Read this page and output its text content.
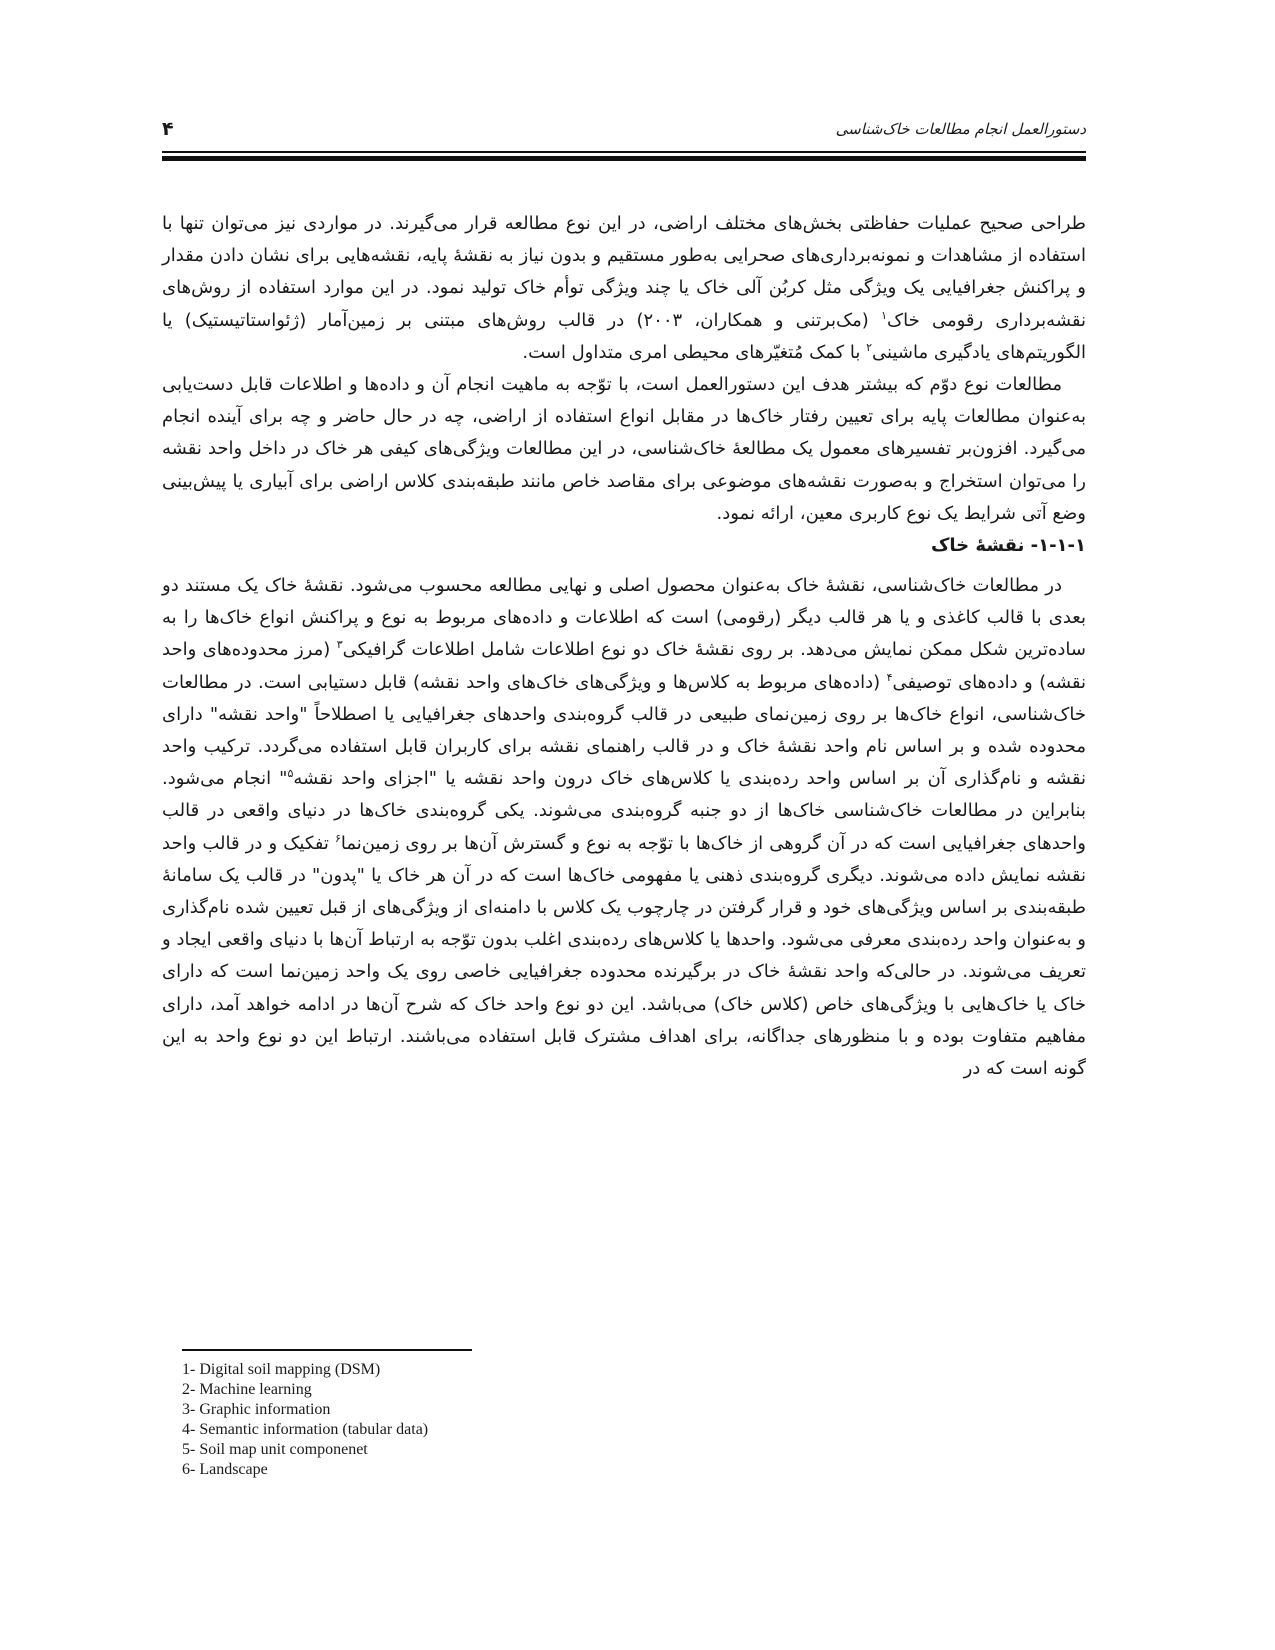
۴	دستورالعمل انجام مطالعات خاک‌شناسی

طراحی صحیح عملیات حفاظتی بخش‌های مختلف اراضی، در این نوع مطالعه قرار می‌گیرند. در مواردی نیز می‌توان تنها با استفاده از مشاهدات و نمونه‌برداری‌های صحرایی به‌طور مستقیم و بدون نیاز به نقشهٔ پایه، نقشه‌هایی برای نشان دادن مقدار و پراکنش جغرافیایی یک ویژگی مثل کربُن آلی خاک یا چند ویژگی توأم خاک تولید نمود. در این موارد استفاده از روش‌های نقشه‌برداری رقومی خاک$^۱$ (مک‌برتنی و همکاران، ۲۰۰۳) در قالب روش‌های مبتنی بر زمین‌آمار (ژئواستاتیستیک) یا الگوریتم‌های یادگیری ماشینی$^۲$ با کمک مُتغیّرهای محیطی امری متداول است.

مطالعات نوع دوّم که بیشتر هدف این دستورالعمل است، با توّجه به ماهیت انجام آن و داده‌ها و اطلاعات قابل دست‌یابی به‌عنوان مطالعات پایه برای تعیین رفتار خاک‌ها در مقابل انواع استفاده از اراضی، چه در حال حاضر و چه برای آینده انجام می‌گیرد. افزون‌بر تفسیرهای معمول یک مطالعهٔ خاک‌شناسی، در این مطالعات ویژگی‌های کیفی هر خاک در داخل واحد نقشه را می‌توان استخراج و به‌صورت نقشه‌های موضوعی برای مقاصد خاص مانند طبقه‌بندی کلاس اراضی برای آبیاری یا پیش‌بینی وضع آتی شرایط یک نوع کاربری معین، ارائه نمود.

۱-۱-۱- نقشهٔ خاک

در مطالعات خاک‌شناسی، نقشهٔ خاک به‌عنوان محصول اصلی و نهایی مطالعه محسوب می‌شود. نقشهٔ خاک یک مستند دو بعدی با قالب کاغذی و یا هر قالب دیگر (رقومی) است که اطلاعات و داده‌های مربوط به نوع و پراکنش انواع خاک‌ها را به ساده‌ترین شکل ممکن نمایش می‌دهد. بر روی نقشهٔ خاک دو نوع اطلاعات شامل اطلاعات گرافیکی$^۳$ (مرز محدوده‌های واحد نقشه) و داده‌های توصیفی$^۴$ (داده‌های مربوط به کلاس‌ها و ویژگی‌های خاک‌های واحد نقشه) قابل دستیابی است. در مطالعات خاک‌شناسی، انواع خاک‌ها بر روی زمین‌نمای طبیعی در قالب گروه‌بندی واحدهای جغرافیایی یا اصطلاحاً "واحد نقشه" دارای محدوده شده و بر اساس نام واحد نقشهٔ خاک و در قالب راهنمای نقشه برای کاربران قابل استفاده می‌گردد. ترکیب واحد نقشه و نام‌گذاری آن بر اساس واحد رده‌بندی یا کلاس‌های خاک درون واحد نقشه یا "اجزای واحد نقشه$^۵$" انجام می‌شود. بنابراین در مطالعات خاک‌شناسی خاک‌ها از دو جنبه گروه‌بندی می‌شوند. یکی گروه‌بندی خاک‌ها در دنیای واقعی در قالب واحدهای جغرافیایی است که در آن گروهی از خاک‌ها با توّجه به نوع و گسترش آن‌ها بر روی زمین‌نما$^۶$ تفکیک و در قالب واحد نقشه نمایش داده می‌شوند. دیگری گروه‌بندی ذهنی یا مفهومی خاک‌ها است که در آن هر خاک یا "پدون" در قالب یک سامانهٔ طبقه‌بندی بر اساس ویژگی‌های خود و قرار گرفتن در چارچوب یک کلاس با دامنه‌ای از ویژگی‌های از قبل تعیین شده نام‌گذاری و به‌عنوان واحد رده‌بندی معرفی می‌شود. واحدها یا کلاس‌های رده‌بندی اغلب بدون توّجه به ارتباط آن‌ها با دنیای واقعی ایجاد و تعریف می‌شوند. در حالی‌که واحد نقشهٔ خاک در برگیرنده محدوده جغرافیایی خاصی روی یک واحد زمین‌نما است که دارای خاک یا خاک‌هایی با ویژگی‌های خاص (کلاس خاک) می‌باشد. این دو نوع واحد خاک که شرح آن‌ها در ادامه خواهد آمد، دارای مفاهیم متفاوت بوده و با منظورهای جداگانه، برای اهداف مشترک قابل استفاده می‌باشند. ارتباط این دو نوع واحد به این گونه است که در

1- Digital soil mapping (DSM)
2- Machine learning
3- Graphic information
4- Semantic information (tabular data)
5- Soil map unit componenet
6- Landscape
